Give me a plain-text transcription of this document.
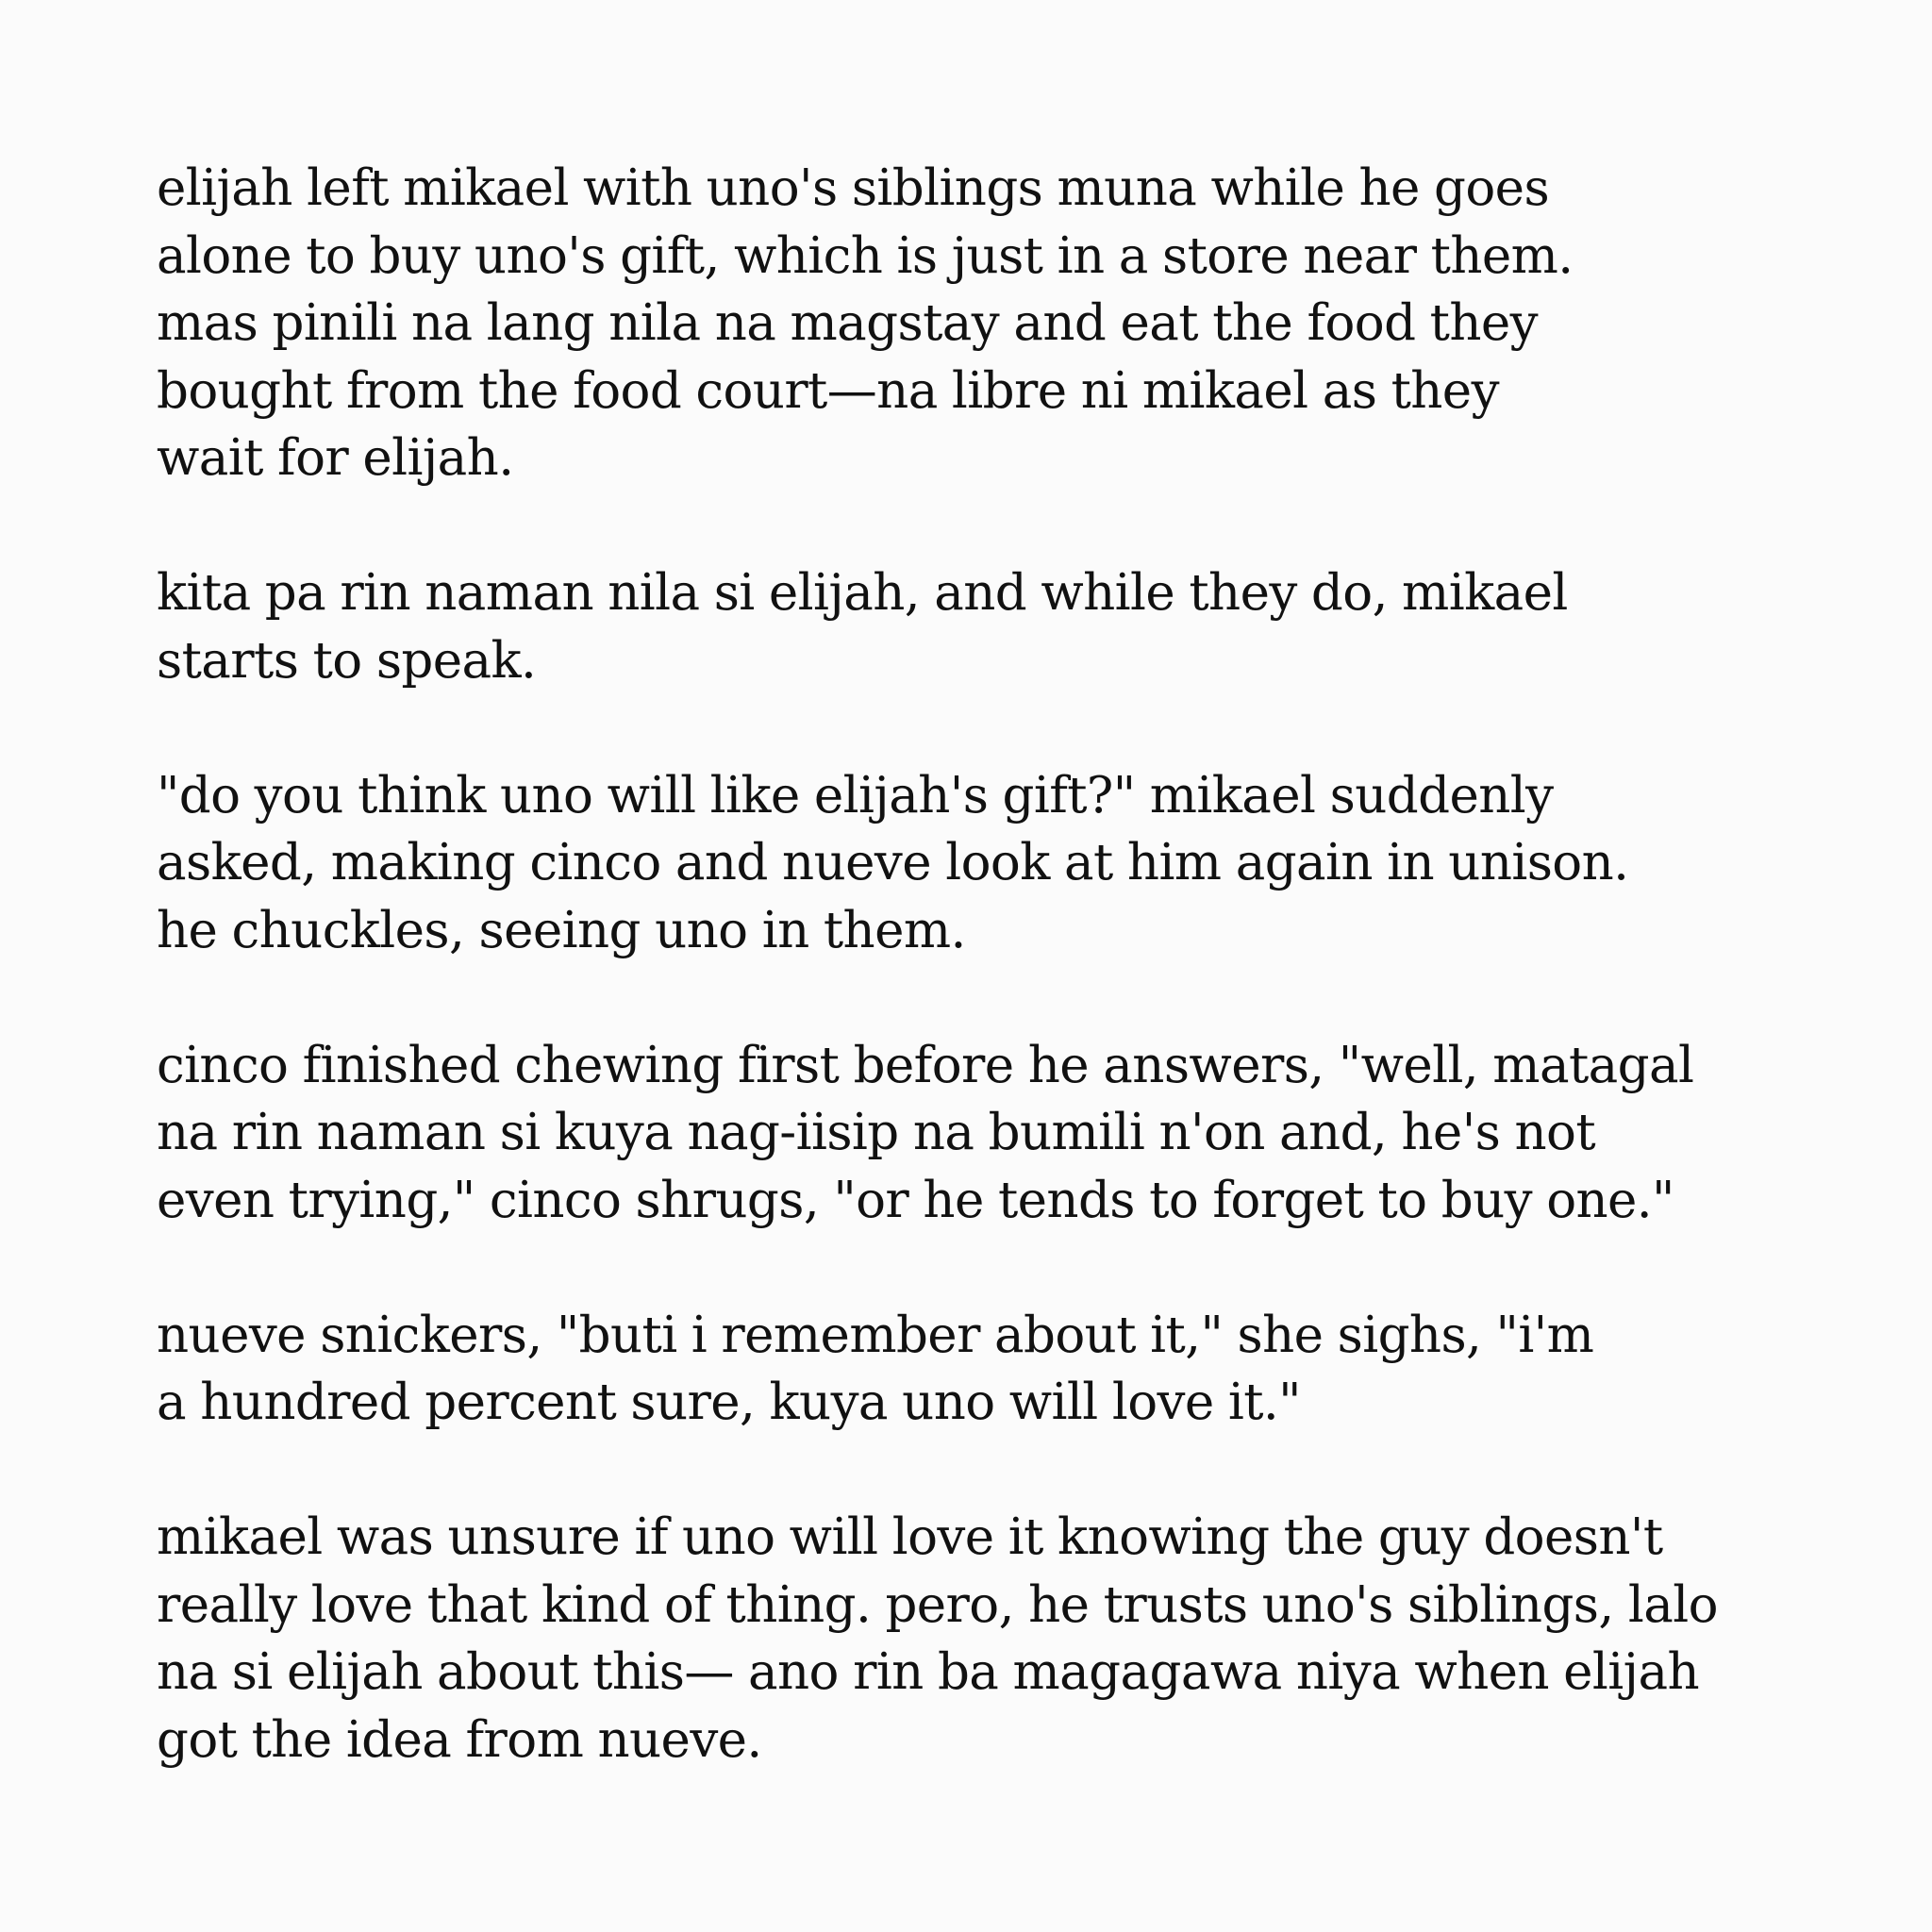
elijah left mikael with uno's siblings muna while he goes
alone to buy uno's gift, which is just in a store near them.
mas pinili na lang nila na magstay and eat the food they
bought from the food court—na libre ni mikael as they
wait for elijah.

kita pa rin naman nila si elijah, and while they do, mikael
starts to speak.

"do you think uno will like elijah's gift?" mikael suddenly
asked, making cinco and nueve look at him again in unison.
he chuckles, seeing uno in them.

cinco finished chewing first before he answers, "well, matagal
na rin naman si kuya nag-iisip na bumili n'on and, he's not
even trying," cinco shrugs, "or he tends to forget to buy one."

nueve snickers, "buti i remember about it," she sighs, "i'm
a hundred percent sure, kuya uno will love it."

mikael was unsure if uno will love it knowing the guy doesn't
really love that kind of thing. pero, he trusts uno's siblings, lalo
na si elijah about this— ano rin ba magagawa niya when elijah
got the idea from nueve.
